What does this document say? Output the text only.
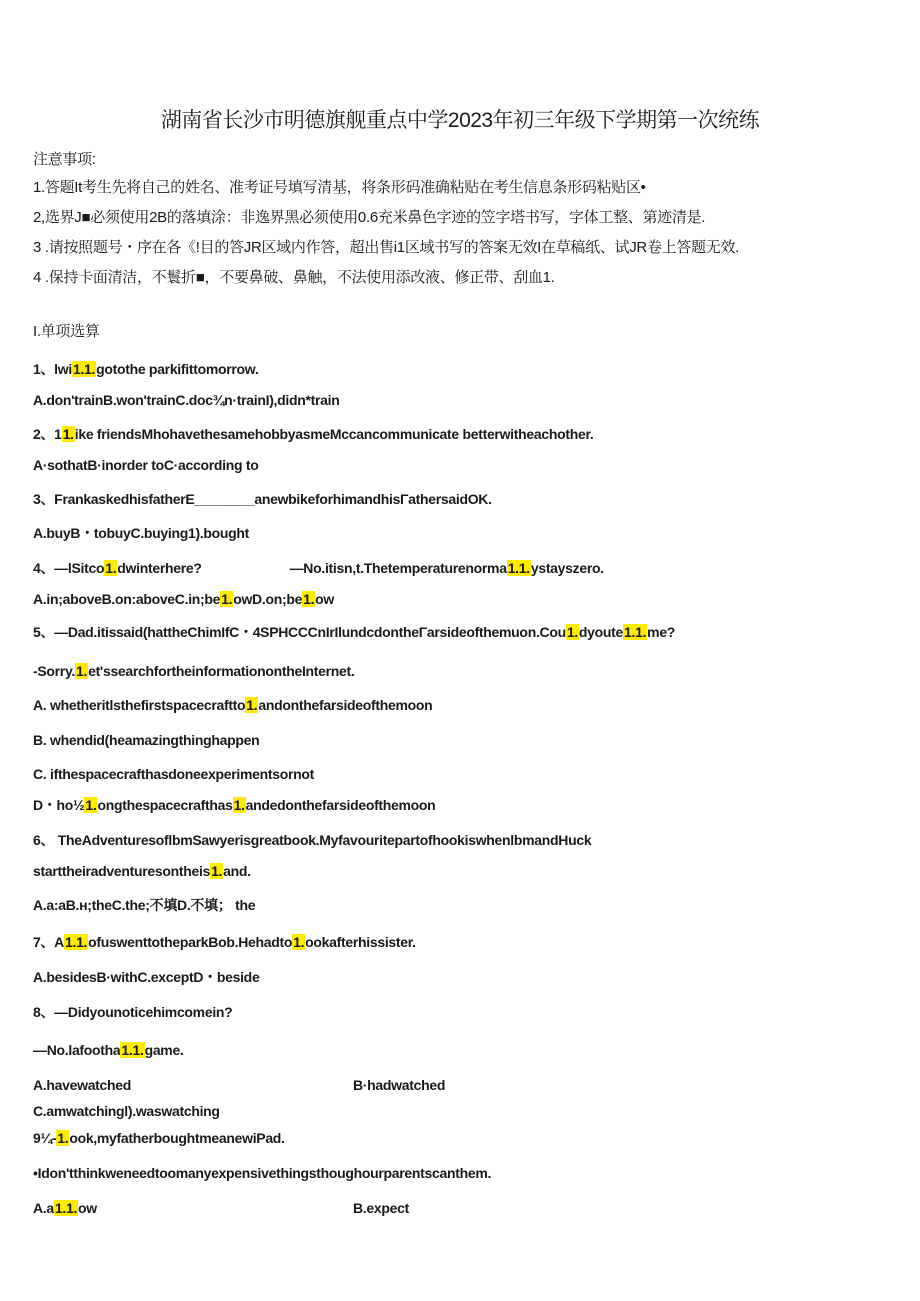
湖南省长沙市明德旗舰重点中学2023年初三年级下学期第一次统练
注意事项:
1.答题It考生先将自己的姓名、准考证号填写清基，将条形码准确粘贴在考生信息条形码粘贴区•
2,选界J■必须使用2B的落填涂：非逸界黑必须使用0.6充米鼻色字迹的笠字塔书写，字体工整、第迹清是.
3 .请按照题号・序在各《!目的答JR区域内作答，超出售i1区域书写的答案无效I在草稿纸、试JR卷上答题无效.
4 .保持卡面清洁，不鬟折■，不要鼻破、鼻触，不法使用添改液、修正带、刮血1.
I.单项选算
1、lwi1.1.gotothe parkifittomorrow.
A.don'trainB.won'trainC.doc¾n·trainI),didn*train
2、11.ike friendsMhohavethesamehobbyasmeMccancommunicate betterwitheachother.
A·sothatB·inorder toC·according to
3、FrankaskedhisfatherE________anewbikeforhimandhisΓathersaidOK.
A.buyB・tobuyC.buying1).bought
4、—lSitco1.dwinterhere?	—No.itisn,t.Thetemperaturenorma1.1.ystayszero.
A.in;aboveB.on:aboveC.in;be1.owD.on;be1.ow
5、—Dad.itissaid(hattheChimIfC・4SPHCCCnIrIlundcdontheΓarsideofthemuon.Cou1.dyoute1.1.me?
-Sorry.1.et'ssearchfortheinformationontheInternet.
A. whetheritlsthefirstspacecraftto1.andonthefarsideofthemoon
B. whendid(heamazingthinghappen
C. ifthespacecrafthasdoneexperimentsornot
D・ho½1.ongthespacecrafthas1.andedonthefarsideofthemoon
6、 TheAdventuresoflbmSawyerisgreatbook.MyfavouritepartofhookiswhenlbmandHuck
starttheiradventuresontheis1.and.
A.a:aB.ʜ;theC.the;不填D.不填； the
7、A1.1.ofuswenttotheparkBob.Hehadto1.ookafterhissister.
A.besidesB·withC.exceptD・beside
8、—Didyounoticehimcomein?
—No.lafootha1.1.game.
A.havewatched	B·hadwatched
C.amwatchingl).waswatching
9¼-1.ook,myfatherboughtmeanewiPad.
•Idon'tthinkweneedtoomanyexpensivethingsthoughourparentscanthem.
A.a1.1.ow	B.expect
